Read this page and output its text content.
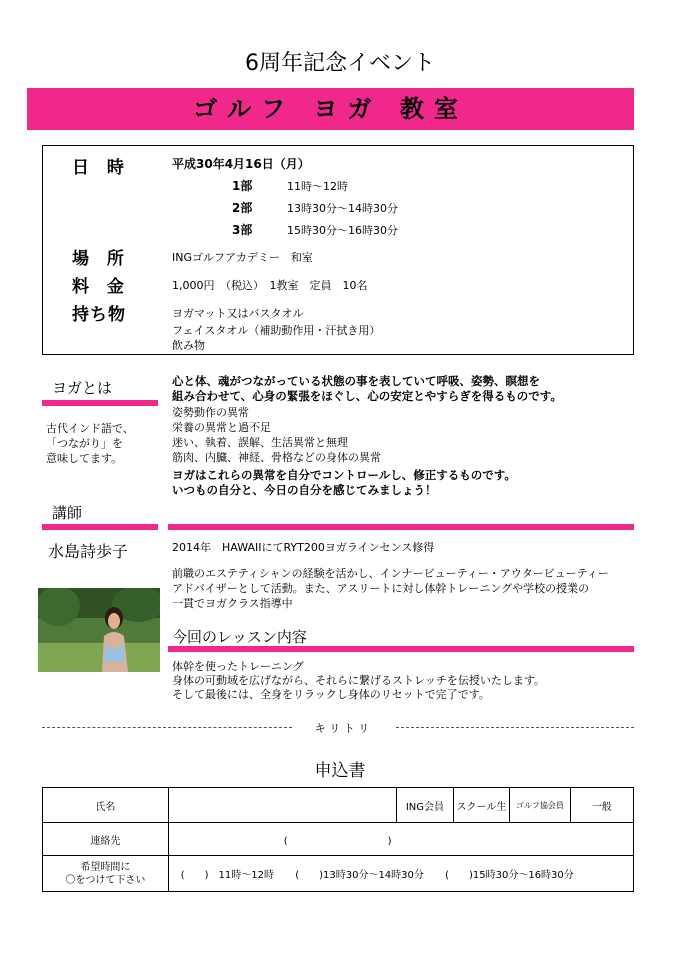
6周年記念イベント
ゴルフ ヨガ 教室
日 時	平成30年4月16日（月）
1部	11時～12時
2部	13時30分～14時30分
3部	15時30分～16時30分
場 所	INGゴルフアカデミー　和室
料 金	1,000円　（税込）　1教室　定員　10名
持ち物	ヨガマット又はバスタオル
フェイスタオル（補助動作用・汗拭き用）
飲み物
ヨガとは
古代インド語で、
「つながり」を
意味してます。
心と体、魂がつながっている状態の事を表していて呼吸、姿勢、瞑想を
組み合わせて、心身の緊張をほぐし、心の安定とやすらぎを得るものです。
姿勢動作の異常
栄養の異常と過不足
迷い、執着、誤解、生活異常と無理
筋肉、内臓、神経、骨格などの身体の異常
ヨガはこれらの異常を自分でコントロールし、修正するものです。
いつもの自分と、今日の自分を感じてみましょう！
講師
水島詩歩子	2014年　HAWAIIにてRYT200ヨガラインセンス修得
前職のエステティシャンの経験を活かし、インナービューティー・アウタービューティー
アドバイザーとして活動。また、アスリートに対し体幹トレーニングや学校の授業の
一貫でヨガクラス指導中
今回のレッスン内容
体幹を使ったトレーニング
身体の可動域を広げながら、それらに繋げるストレッチを伝授いたします。
そして最後には、全身をリラックし身体のリセットで完了です。
キ リ ト リ
申込書
氏名		ING会員	スクール生	ゴルフ協会員	一般
連絡先	(　　　　　　　　　　)				

希望時間に
〇をつけて下さい	(　　)　11時～12時 (　　)13時30分～14時30分 (　　)15時30分～16時30分				
